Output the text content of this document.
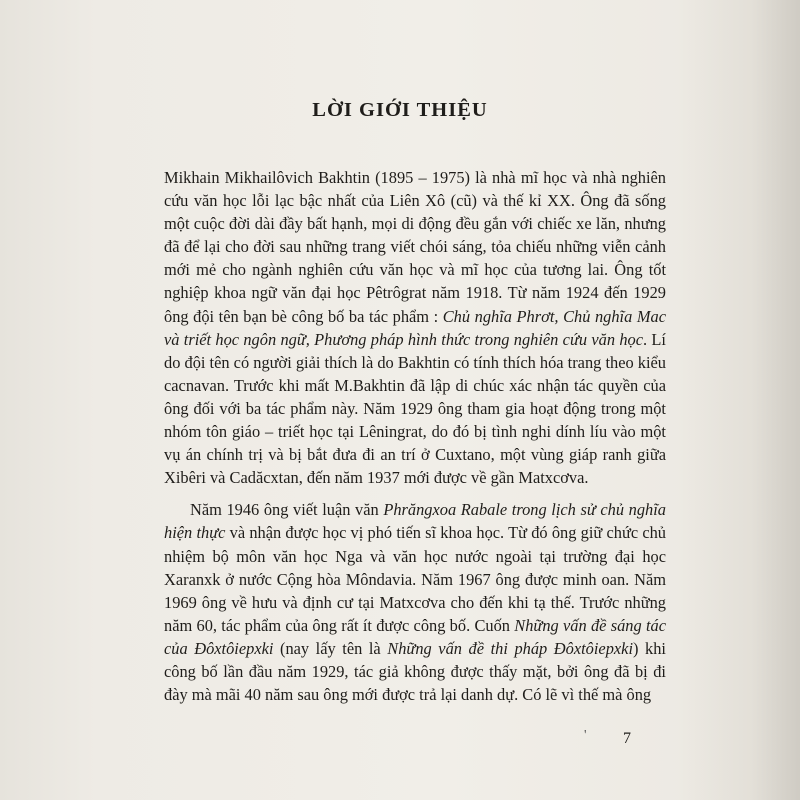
LỜI GIỚI THIỆU

Mikhain Mikhailôvich Bakhtin (1895 – 1975) là nhà mĩ học và nhà nghiên cứu văn học lỗi lạc bậc nhất của Liên Xô (cũ) và thế kỉ XX. Ông đã sống một cuộc đời dài đầy bất hạnh, mọi di động đều gắn với chiếc xe lăn, nhưng đã để lại cho đời sau những trang viết chói sáng, tỏa chiếu những viễn cảnh mới mẻ cho ngành nghiên cứu văn học và mĩ học của tương lai. Ông tốt nghiệp khoa ngữ văn đại học Pêtrôgrat năm 1918. Từ năm 1924 đến 1929 ông đội tên bạn bè công bố ba tác phẩm : Chủ nghĩa Phrơt, Chủ nghĩa Mac và triết học ngôn ngữ, Phương pháp hình thức trong nghiên cứu văn học. Lí do đội tên có người giải thích là do Bakhtin có tính thích hóa trang theo kiểu cacnavan. Trước khi mất M.Bakhtin đã lập di chúc xác nhận tác quyền của ông đối với ba tác phẩm này. Năm 1929 ông tham gia hoạt động trong một nhóm tôn giáo – triết học tại Lêningrat, do đó bị tình nghi dính líu vào một vụ án chính trị và bị bắt đưa đi an trí ở Cuxtano, một vùng giáp ranh giữa Xibêri và Cadăcxtan, đến năm 1937 mới được về gần Matxcơva.

Năm 1946 ông viết luận văn Phrăngxoa Rabale trong lịch sử chủ nghĩa hiện thực và nhận được học vị phó tiến sĩ khoa học. Từ đó ông giữ chức chủ nhiệm bộ môn văn học Nga và văn học nước ngoài tại trường đại học Xaranxk ở nước Cộng hòa Môndavia. Năm 1967 ông được minh oan. Năm 1969 ông về hưu và định cư tại Matxcơva cho đến khi tạ thế. Trước những năm 60, tác phẩm của ông rất ít được công bố. Cuốn Những vấn đề sáng tác của Đôxtôiepxki (nay lấy tên là Những vấn đề thi pháp Đôxtôiepxki) khi công bố lần đầu năm 1929, tác giả không được thấy mặt, bởi ông đã bị đi đày mà mãi 40 năm sau ông mới được trả lại danh dự. Có lẽ vì thế mà ông

' 7
